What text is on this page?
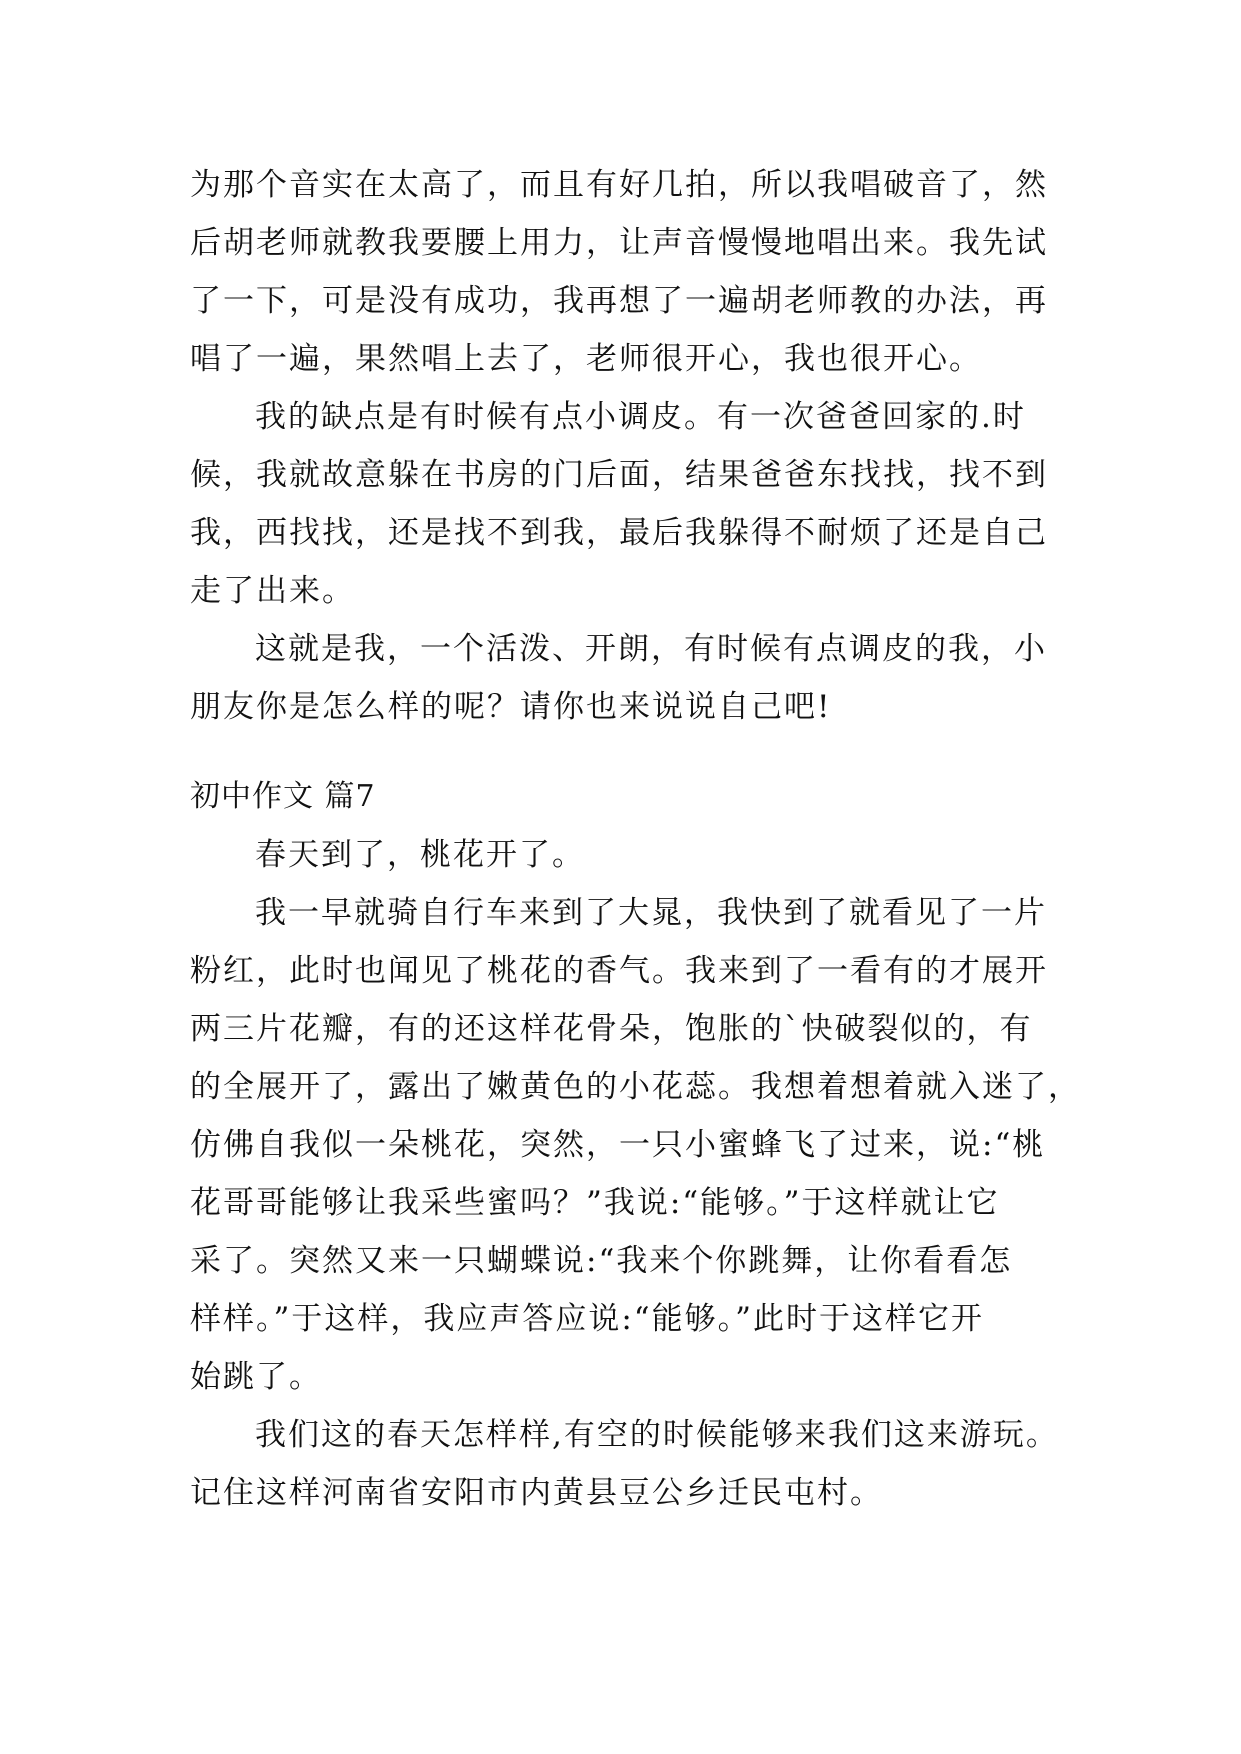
为那个音实在太高了，而且有好几拍，所以我唱破音了，然
后胡老师就教我要腰上用力，让声音慢慢地唱出来。我先试
了一下，可是没有成功，我再想了一遍胡老师教的办法，再
唱了一遍，果然唱上去了，老师很开心，我也很开心。
我的缺点是有时候有点小调皮。有一次爸爸回家的.时
候，我就故意躲在书房的门后面，结果爸爸东找找，找不到
我，西找找，还是找不到我，最后我躲得不耐烦了还是自己
走了出来。
这就是我，一个活泼、开朗，有时候有点调皮的我，小
朋友你是怎么样的呢？请你也来说说自己吧!
初中作文 篇7
春天到了，桃花开了。
我一早就骑自行车来到了大晁，我快到了就看见了一片
粉红，此时也闻见了桃花的香气。我来到了一看有的才展开
两三片花瓣，有的还这样花骨朵，饱胀的`快破裂似的，有
的全展开了，露出了嫩黄色的小花蕊。我想着想着就入迷了，
仿佛自我似一朵桃花，突然，一只小蜜蜂飞了过来，说:“桃
花哥哥能够让我采些蜜吗？”我说:“能够。”于这样就让它
采了。突然又来一只蝴蝶说:“我来个你跳舞，让你看看怎
样样。”于这样，我应声答应说:“能够。”此时于这样它开
始跳了。
我们这的春天怎样样,有空的时候能够来我们这来游玩。
记住这样河南省安阳市内黄县豆公乡迁民屯村。
